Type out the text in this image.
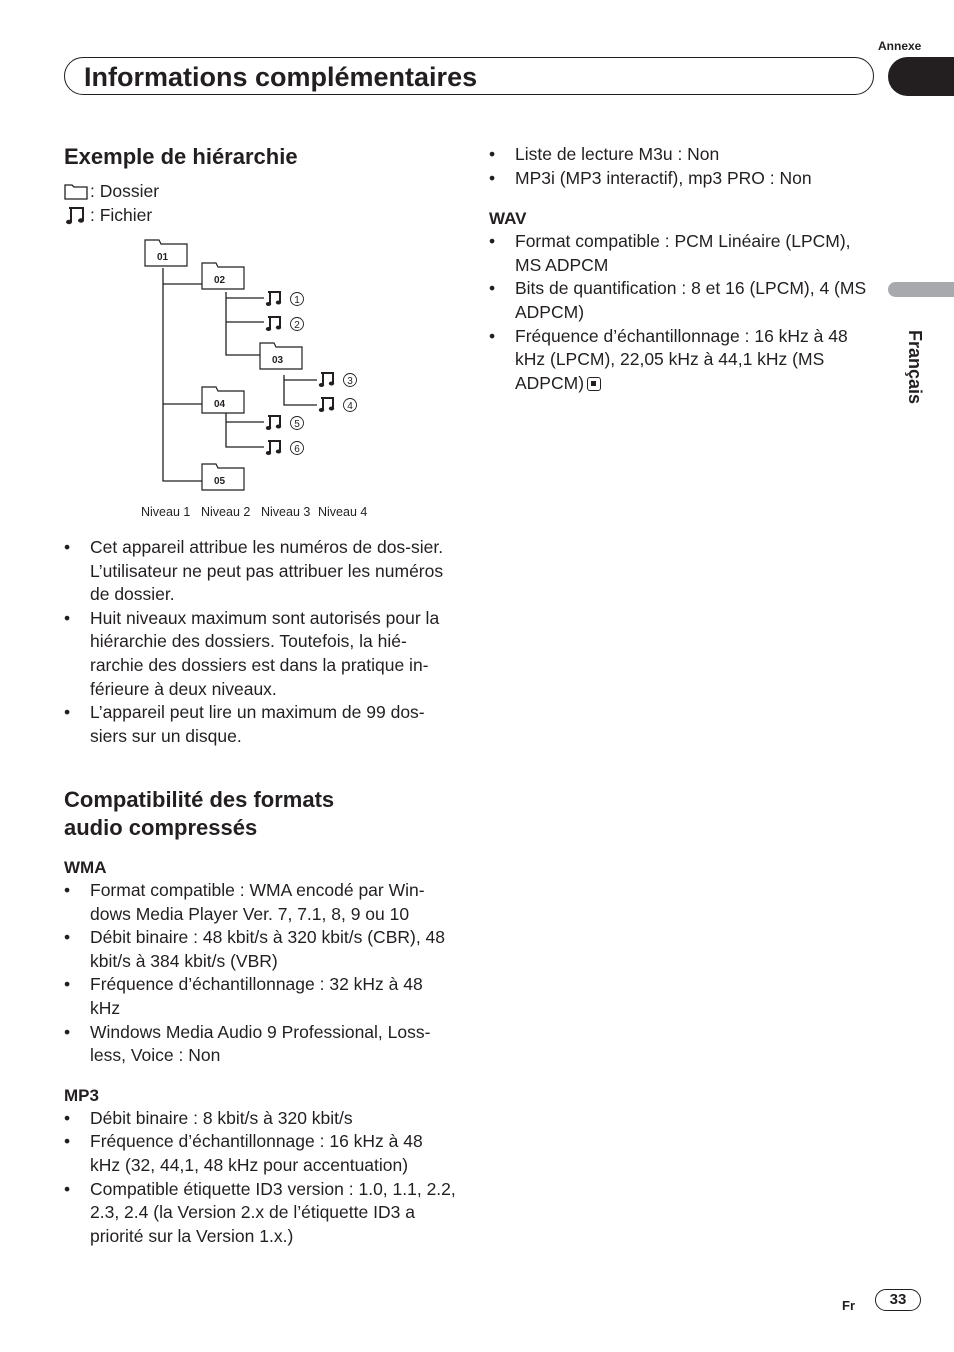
Annexe
Informations complémentaires
Français
Exemple de hiérarchie
: Dossier
: Fichier
01
02
03
04
05
1
2
3
4
5
6
Niveau 1 Niveau 2 Niveau 3 Niveau 4
• Cet appareil attribue les numéros de dos-sier. L’utilisateur ne peut pas attribuer les numéros de dossier.
• Huit niveaux maximum sont autorisés pour la hiérarchie des dossiers. Toutefois, la hié-rarchie des dossiers est dans la pratique in-férieure à deux niveaux.
• L’appareil peut lire un maximum de 99 dos-siers sur un disque.
Compatibilité des formats
audio compressés
WMA
• Format compatible : WMA encodé par Win-dows Media Player Ver. 7, 7.1, 8, 9 ou 10
• Débit binaire : 48 kbit/s à 320 kbit/s (CBR), 48 kbit/s à 384 kbit/s (VBR)
• Fréquence d’échantillonnage : 32 kHz à 48 kHz
• Windows Media Audio 9 Professional, Loss-less, Voice : Non
MP3
• Débit binaire : 8 kbit/s à 320 kbit/s
• Fréquence d’échantillonnage : 16 kHz à 48 kHz (32, 44,1, 48 kHz pour accentuation)
• Compatible étiquette ID3 version : 1.0, 1.1, 2.2, 2.3, 2.4 (la Version 2.x de l’étiquette ID3 a priorité sur la Version 1.x.)
• Liste de lecture M3u : Non
• MP3i (MP3 interactif), mp3 PRO : Non
WAV
• Format compatible : PCM Linéaire (LPCM), MS ADPCM
• Bits de quantification : 8 et 16 (LPCM), 4 (MS ADPCM)
• Fréquence d’échantillonnage : 16 kHz à 48 kHz (LPCM), 22,05 kHz à 44,1 kHz (MS ADPCM)
Fr	33
